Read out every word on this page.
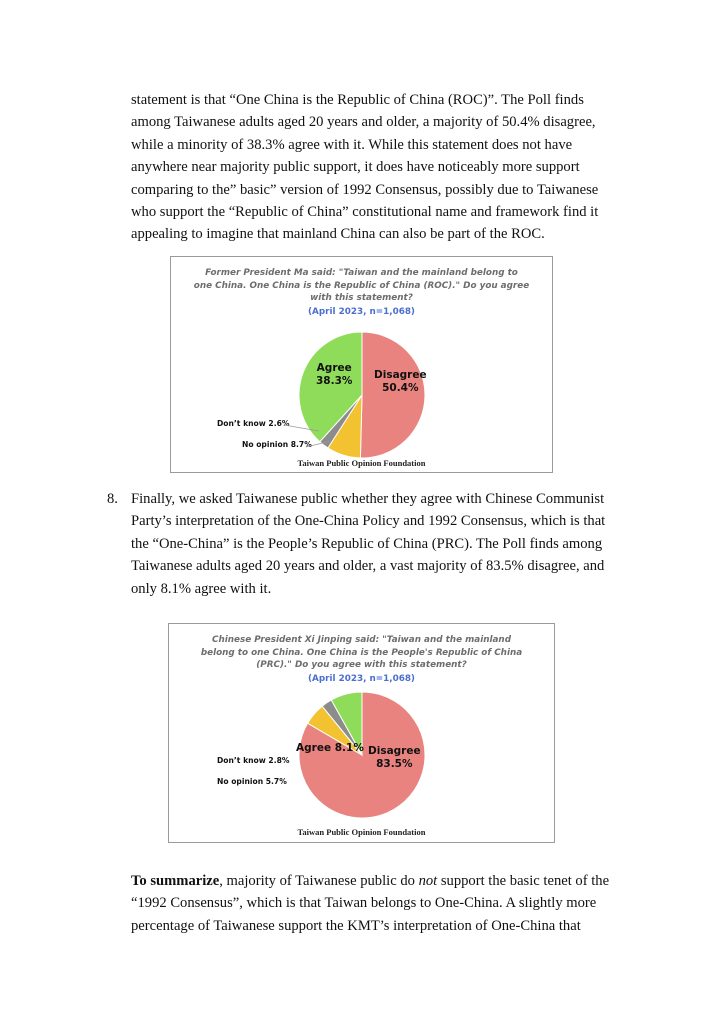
statement is that “One China is the Republic of China (ROC)”. The Poll finds among Taiwanese adults aged 20 years and older, a majority of 50.4% disagree, while a minority of 38.3% agree with it. While this statement does not have anywhere near majority public support, it does have noticeably more support comparing to the” basic” version of 1992 Consensus, possibly due to Taiwanese who support the “Republic of China” constitutional name and framework find it appealing to imagine that mainland China can also be part of the ROC.

Former President Ma said: "Taiwan and the mainland belong to
one China. One China is the Republic of China (ROC)." Do you agree
with this statement?
(April 2023, n=1,068)
Agree
38.3% Disagree
50.4%
Don’t know 2.6%
No opinion 8.7%
Taiwan Public Opinion Foundation
8. Finally, we asked Taiwanese public whether they agree with Chinese Communist Party’s interpretation of the One-China Policy and 1992 Consensus, which is that the “One-China” is the People’s Republic of China (PRC). The Poll finds among Taiwanese adults aged 20 years and older, a vast majority of 83.5% disagree, and only 8.1% agree with it.

Chinese President Xi Jinping said: "Taiwan and the mainland
belong to one China. One China is the People's Republic of China
(PRC)." Do you agree with this statement?
(April 2023, n=1,068)
Agree 8.1% Disagree
83.5%
Don’t know 2.8%
No opinion 5.7%
Taiwan Public Opinion Foundation

To summarize, majority of Taiwanese public do not support the basic tenet of the “1992 Consensus”, which is that Taiwan belongs to One-China. A slightly more percentage of Taiwanese support the KMT’s interpretation of One-China that
